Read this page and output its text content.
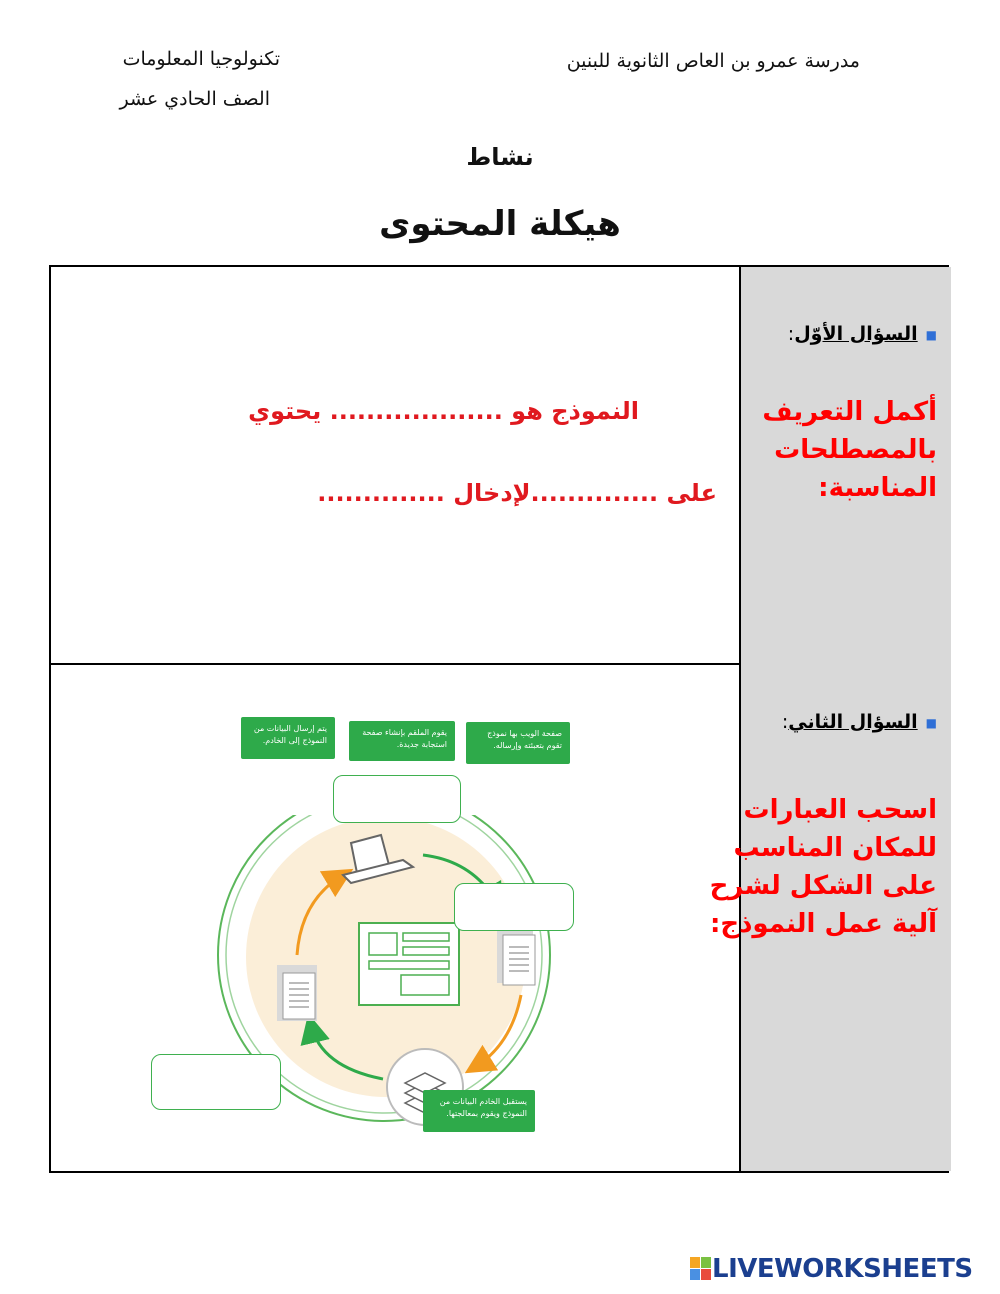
تكنولوجيا المعلومات
الصف الحادي عشر
مدرسة عمرو بن العاص الثانوية للبنين
نشاط
هيكلة المحتوى
■السؤال الأوّل:
أكمل التعريف بالمصطلحات المناسبة:
النموذج هو ................... يحتوي
على ..............لإدخال ..............
■السؤال الثاني:
اسحب العبارات للمكان المناسب على الشكل لشرح آلية عمل النموذج:
يتم إرسال البيانات من النموذج إلى الخادم.
يقوم الملقم بإنشاء صفحة استجابة جديدة.
صفحة الويب بها نموذج تقوم بتعبئته وإرساله.
يستقبل الخادم البيانات من النموذج ويقوم بمعالجتها.
LIVEWORKSHEETS
